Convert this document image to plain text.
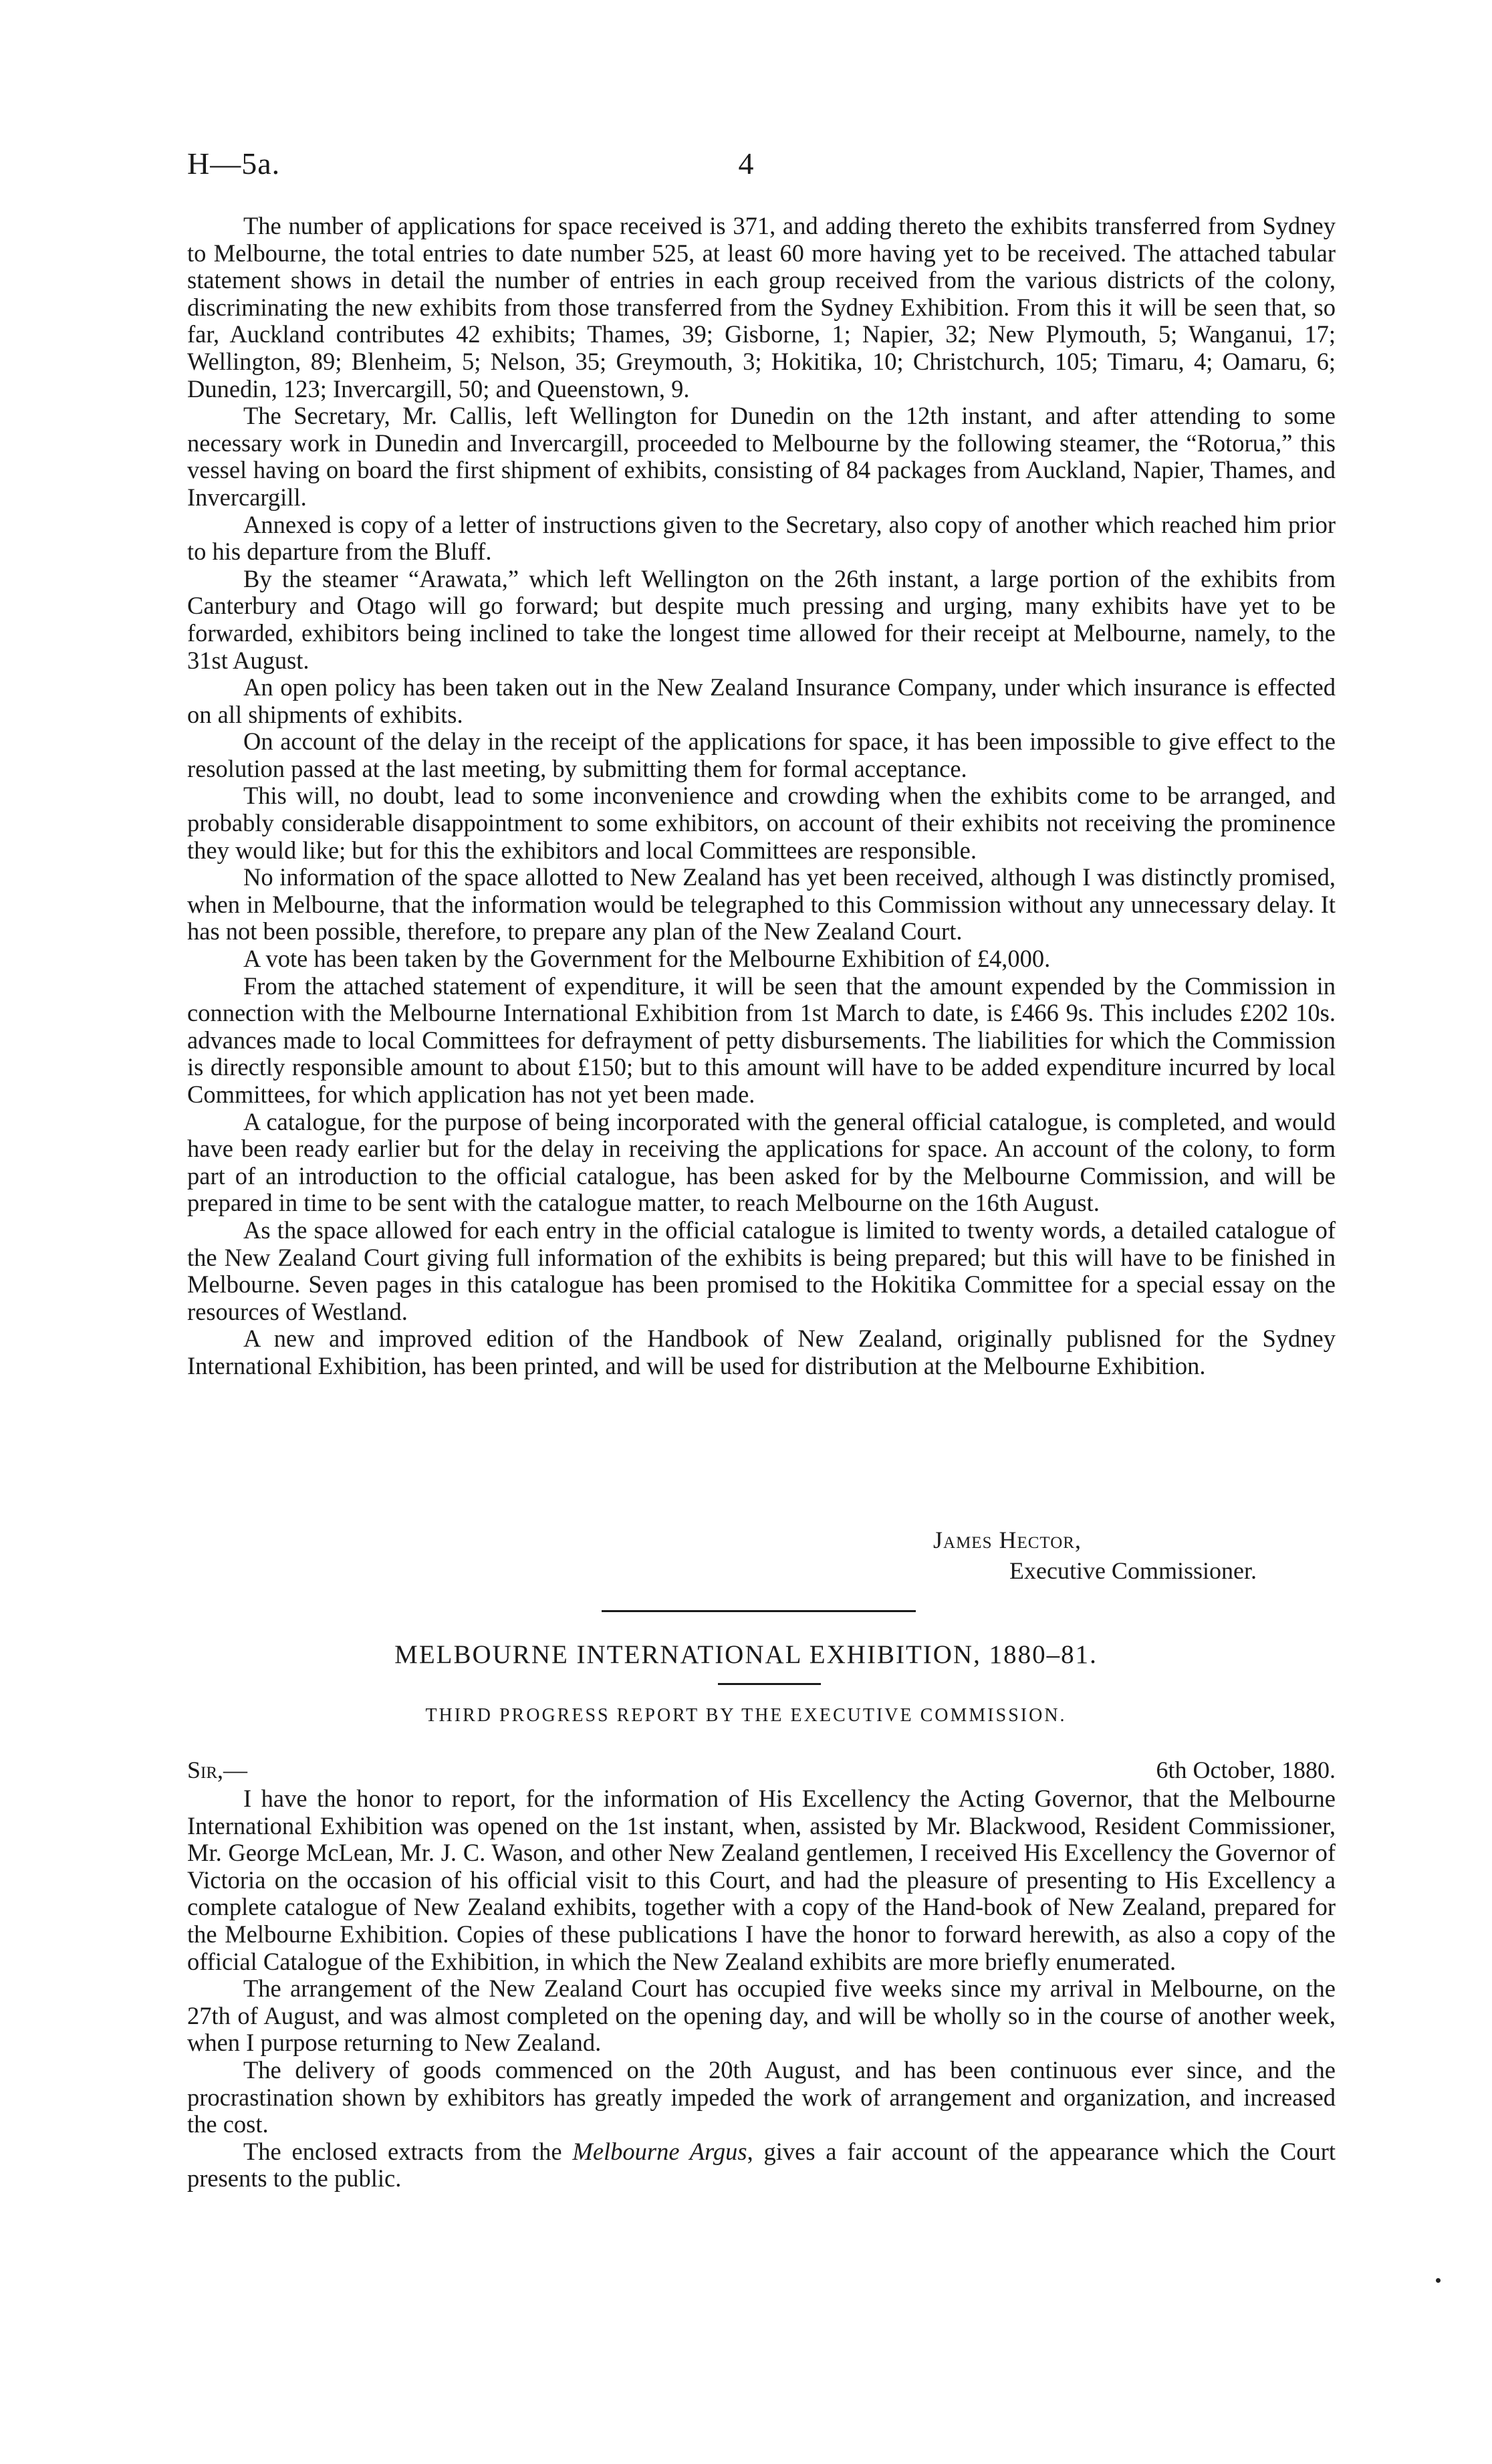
H—5a.	4

The number of applications for space received is 371, and adding thereto the exhibits transferred from Sydney to Melbourne, the total entries to date number 525, at least 60 more having yet to be received. The attached tabular statement shows in detail the number of entries in each group received from the various districts of the colony, discriminating the new exhibits from those transferred from the Sydney Exhibition. From this it will be seen that, so far, Auckland contributes 42 exhibits; Thames, 39; Gisborne, 1; Napier, 32; New Plymouth, 5; Wanganui, 17; Wellington, 89; Blenheim, 5; Nelson, 35; Greymouth, 3; Hokitika, 10; Christchurch, 105; Timaru, 4; Oamaru, 6; Dunedin, 123; Invercargill, 50; and Queenstown, 9.

The Secretary, Mr. Callis, left Wellington for Dunedin on the 12th instant, and after attending to some necessary work in Dunedin and Invercargill, proceeded to Melbourne by the following steamer, the “Rotorua,” this vessel having on board the first shipment of exhibits, consisting of 84 packages from Auckland, Napier, Thames, and Invercargill.

Annexed is copy of a letter of instructions given to the Secretary, also copy of another which reached him prior to his departure from the Bluff.

By the steamer “Arawata,” which left Wellington on the 26th instant, a large portion of the exhibits from Canterbury and Otago will go forward; but despite much pressing and urging, many exhibits have yet to be forwarded, exhibitors being inclined to take the longest time allowed for their receipt at Melbourne, namely, to the 31st August.

An open policy has been taken out in the New Zealand Insurance Company, under which insurance is effected on all shipments of exhibits.

On account of the delay in the receipt of the applications for space, it has been impossible to give effect to the resolution passed at the last meeting, by submitting them for formal acceptance.

This will, no doubt, lead to some inconvenience and crowding when the exhibits come to be arranged, and probably considerable disappointment to some exhibitors, on account of their exhibits not receiving the prominence they would like; but for this the exhibitors and local Committees are responsible.

No information of the space allotted to New Zealand has yet been received, although I was distinctly promised, when in Melbourne, that the information would be telegraphed to this Commission without any unnecessary delay. It has not been possible, therefore, to prepare any plan of the New Zealand Court.

A vote has been taken by the Government for the Melbourne Exhibition of £4,000.

From the attached statement of expenditure, it will be seen that the amount expended by the Commission in connection with the Melbourne International Exhibition from 1st March to date, is £466 9s. This includes £202 10s. advances made to local Committees for defrayment of petty disbursements. The liabilities for which the Commission is directly responsible amount to about £150; but to this amount will have to be added expenditure incurred by local Committees, for which application has not yet been made.

A catalogue, for the purpose of being incorporated with the general official catalogue, is completed, and would have been ready earlier but for the delay in receiving the applications for space. An account of the colony, to form part of an introduction to the official catalogue, has been asked for by the Melbourne Commission, and will be prepared in time to be sent with the catalogue matter, to reach Melbourne on the 16th August.

As the space allowed for each entry in the official catalogue is limited to twenty words, a detailed catalogue of the New Zealand Court giving full information of the exhibits is being prepared; but this will have to be finished in Melbourne. Seven pages in this catalogue has been promised to the Hokitika Committee for a special essay on the resources of Westland.

A new and improved edition of the Handbook of New Zealand, originally publisned for the Sydney International Exhibition, has been printed, and will be used for distribution at the Melbourne Exhibition.

James Hector,
Executive Commissioner.
MELBOURNE INTERNATIONAL EXHIBITION, 1880–81.
THIRD PROGRESS REPORT BY THE EXECUTIVE COMMISSION.
Sir,—	6th October, 1880.

I have the honor to report, for the information of His Excellency the Acting Governor, that the Melbourne International Exhibition was opened on the 1st instant, when, assisted by Mr. Blackwood, Resident Commissioner, Mr. George McLean, Mr. J. C. Wason, and other New Zealand gentlemen, I received His Excellency the Governor of Victoria on the occasion of his official visit to this Court, and had the pleasure of presenting to His Excellency a complete catalogue of New Zealand exhibits, together with a copy of the Hand-book of New Zealand, prepared for the Melbourne Exhibition. Copies of these publications I have the honor to forward herewith, as also a copy of the official Catalogue of the Exhibition, in which the New Zealand exhibits are more briefly enumerated.

The arrangement of the New Zealand Court has occupied five weeks since my arrival in Melbourne, on the 27th of August, and was almost completed on the opening day, and will be wholly so in the course of another week, when I purpose returning to New Zealand.

The delivery of goods commenced on the 20th August, and has been continuous ever since, and the procrastination shown by exhibitors has greatly impeded the work of arrangement and organization, and increased the cost.

The enclosed extracts from the Melbourne Argus, gives a fair account of the appearance which the Court presents to the public.
